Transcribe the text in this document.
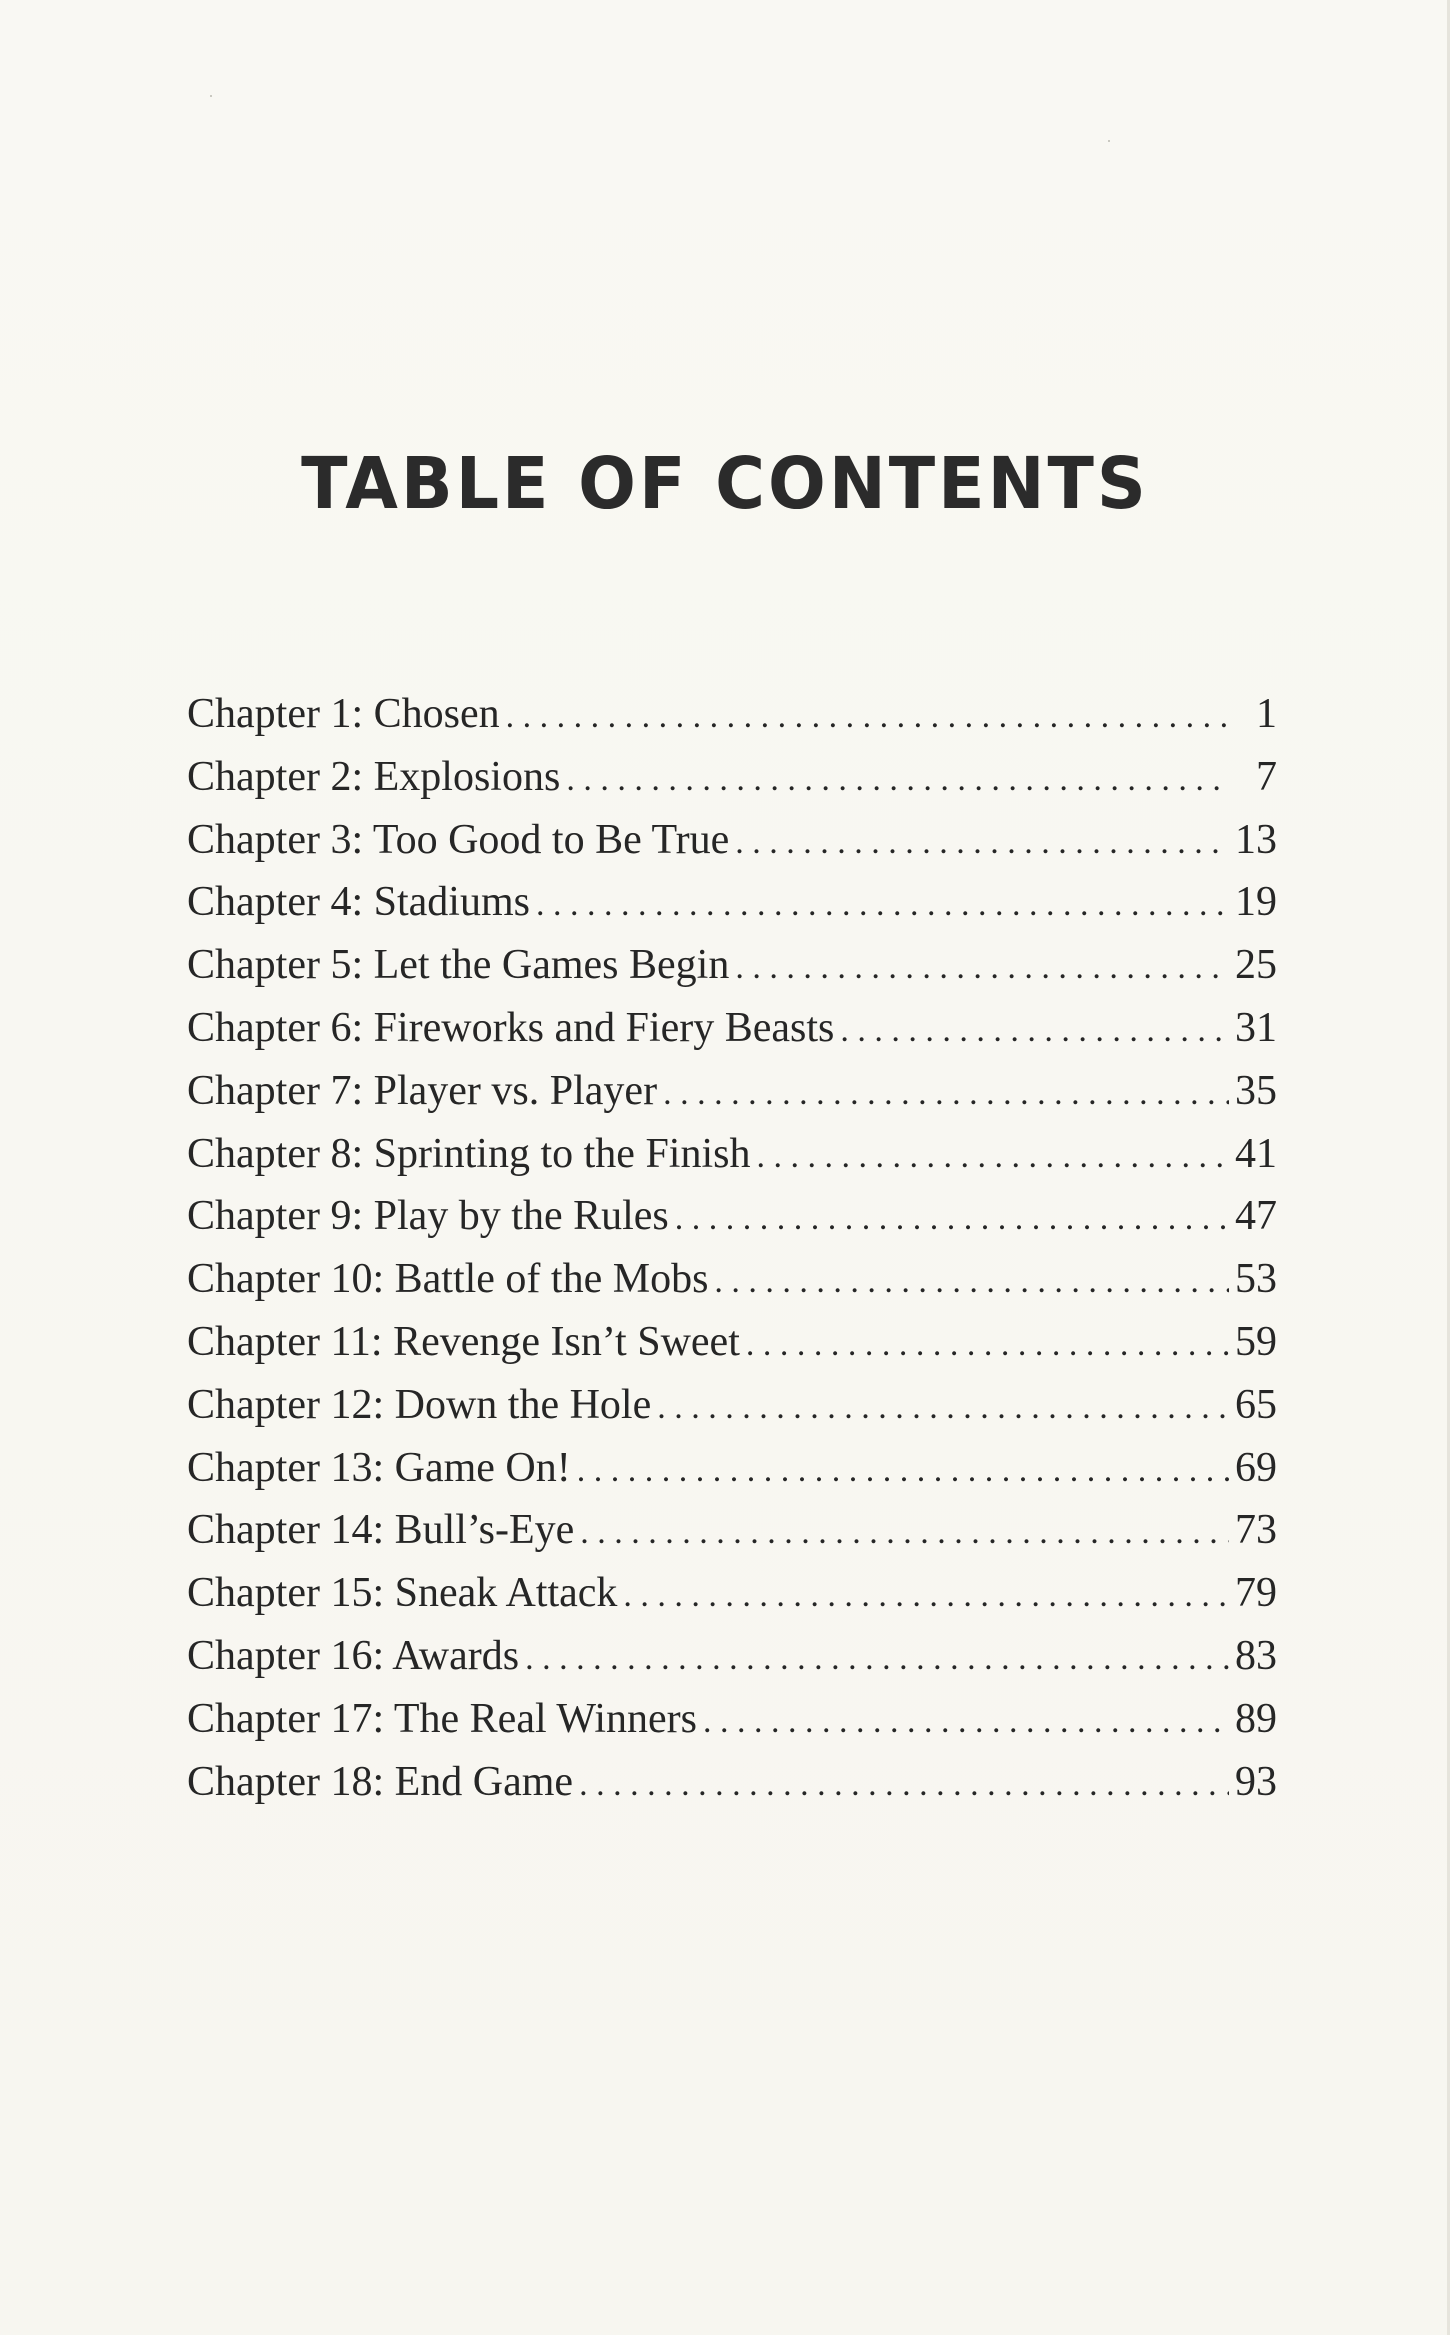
TABLE OF CONTENTS
Chapter 1: Chosen . . .	1
Chapter 2: Explosions . . .	7
Chapter 3: Too Good to Be True . . .	13
Chapter 4: Stadiums . . .	19
Chapter 5: Let the Games Begin . . .	25
Chapter 6: Fireworks and Fiery Beasts . . .	31
Chapter 7: Player vs. Player . . .	35
Chapter 8: Sprinting to the Finish . . .	41
Chapter 9: Play by the Rules . . .	47
Chapter 10: Battle of the Mobs . . .	53
Chapter 11: Revenge Isn’t Sweet . . .	59
Chapter 12: Down the Hole . . .	65
Chapter 13: Game On! . . .	69
Chapter 14: Bull’s-Eye . . .	73
Chapter 15: Sneak Attack . . .	79
Chapter 16: Awards . . .	83
Chapter 17: The Real Winners . . .	89
Chapter 18: End Game . . .	93
